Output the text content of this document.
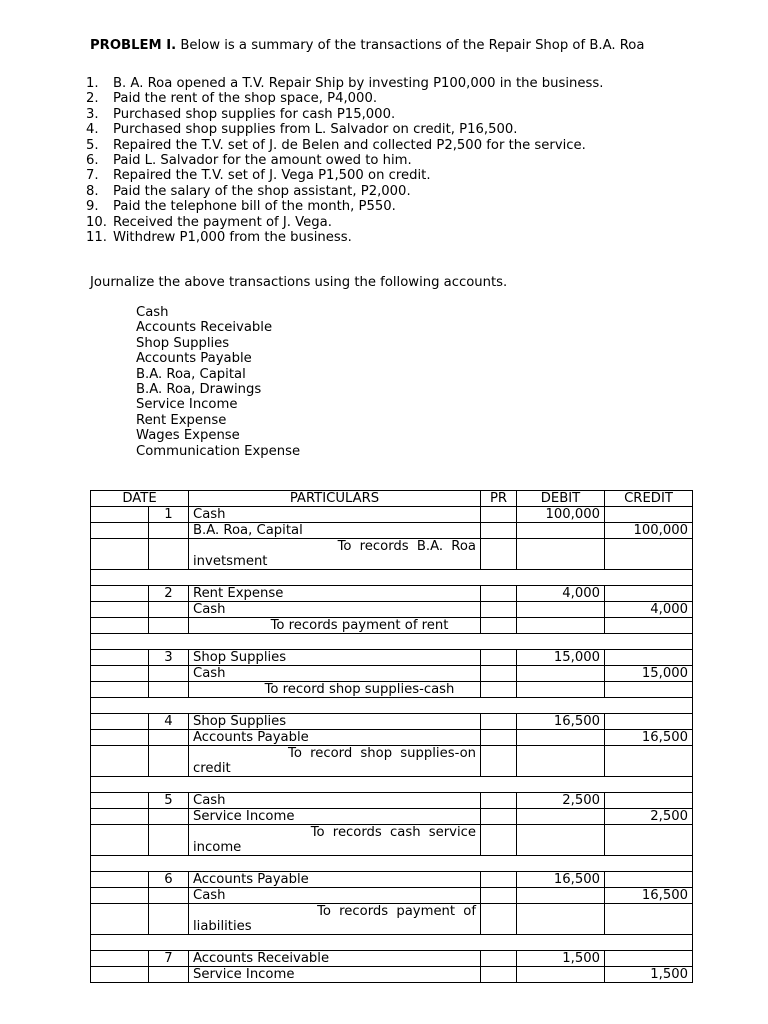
PROBLEM I. Below is a summary of the transactions of the Repair Shop of B.A. Roa
1.	B. A. Roa opened a T.V. Repair Ship by investing P100,000 in the business.
2.	Paid the rent of the shop space, P4,000.
3.	Purchased shop supplies for cash P15,000.
4.	Purchased shop supplies from L. Salvador on credit, P16,500.
5.	Repaired the T.V. set of J. de Belen and collected P2,500 for the service.
6.	Paid L. Salvador for the amount owed to him.
7.	Repaired the T.V. set of J. Vega P1,500 on credit.
8.	Paid the salary of the shop assistant, P2,000.
9.	Paid the telephone bill of the month, P550.
10. Received the payment of J. Vega.
11. Withdrew P1,000 from the business.
Journalize the above transactions using the following accounts.
Cash
Accounts Receivable
Shop Supplies
Accounts Payable
B.A. Roa, Capital
B.A. Roa, Drawings
Service Income
Rent Expense
Wages Expense
Communication Expense
DATE		PARTICULARS	PR	DEBIT	CREDIT
	1	Cash		100,000	
		B.A. Roa, Capital			100,000

		To records B.A. Roa
invetsment			

	2	Rent Expense		4,000	
		Cash			4,000

		To records payment of rent			

	3	Shop Supplies		15,000	
		Cash			15,000

		To record shop supplies-cash			

	4	Shop Supplies		16,500	
		Accounts Payable			16,500

		To record shop supplies-on
credit			

	5	Cash		2,500	
		Service Income			2,500

		To records cash service
income			

	6	Accounts Payable		16,500	
		Cash			16,500

		To records payment of
liabilities			

	7	Accounts Receivable		1,500	
		Service Income			1,500
